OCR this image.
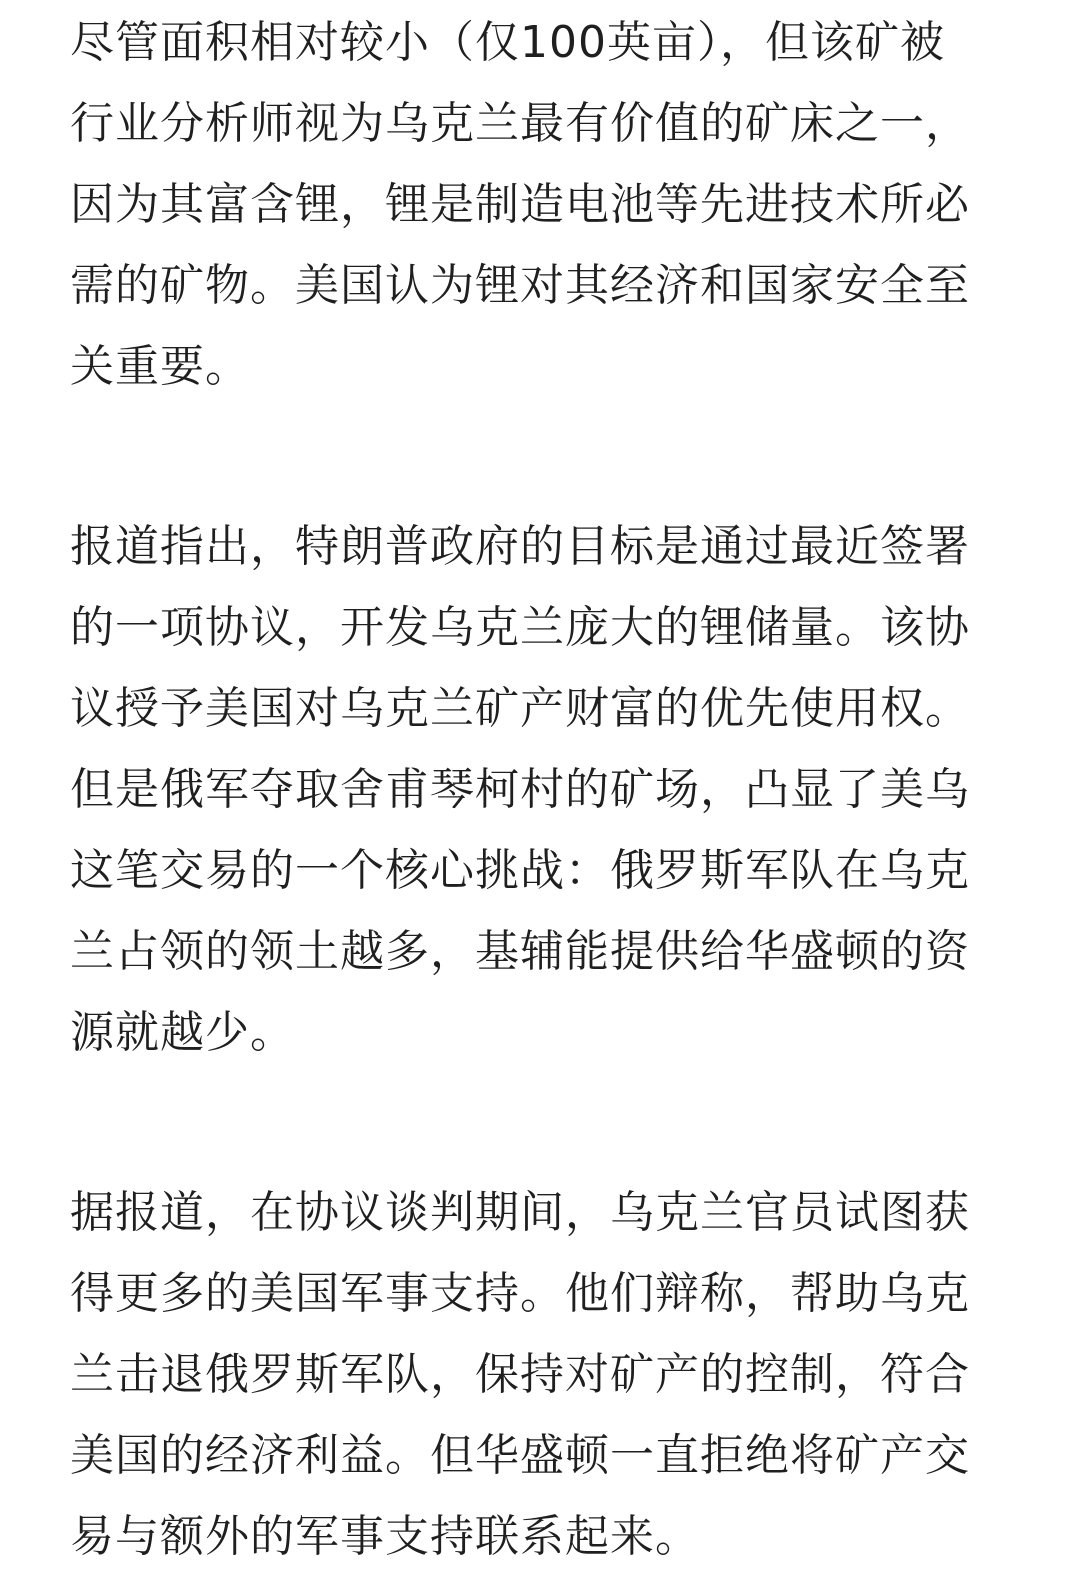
尽管面积相对较小（仅100英亩），但该矿被
行业分析师视为乌克兰最有价值的矿床之一，
因为其富含锂，锂是制造电池等先进技术所必
需的矿物。美国认为锂对其经济和国家安全至
关重要。
报道指出，特朗普政府的目标是通过最近签署
的一项协议，开发乌克兰庞大的锂储量。该协
议授予美国对乌克兰矿产财富的优先使用权。
但是俄军夺取舍甫琴柯村的矿场，凸显了美乌
这笔交易的一个核心挑战：俄罗斯军队在乌克
兰占领的领土越多，基辅能提供给华盛顿的资
源就越少。
据报道，在协议谈判期间，乌克兰官员试图获
得更多的美国军事支持。他们辩称，帮助乌克
兰击退俄罗斯军队，保持对矿产的控制，符合
美国的经济利益。但华盛顿一直拒绝将矿产交
易与额外的军事支持联系起来。
